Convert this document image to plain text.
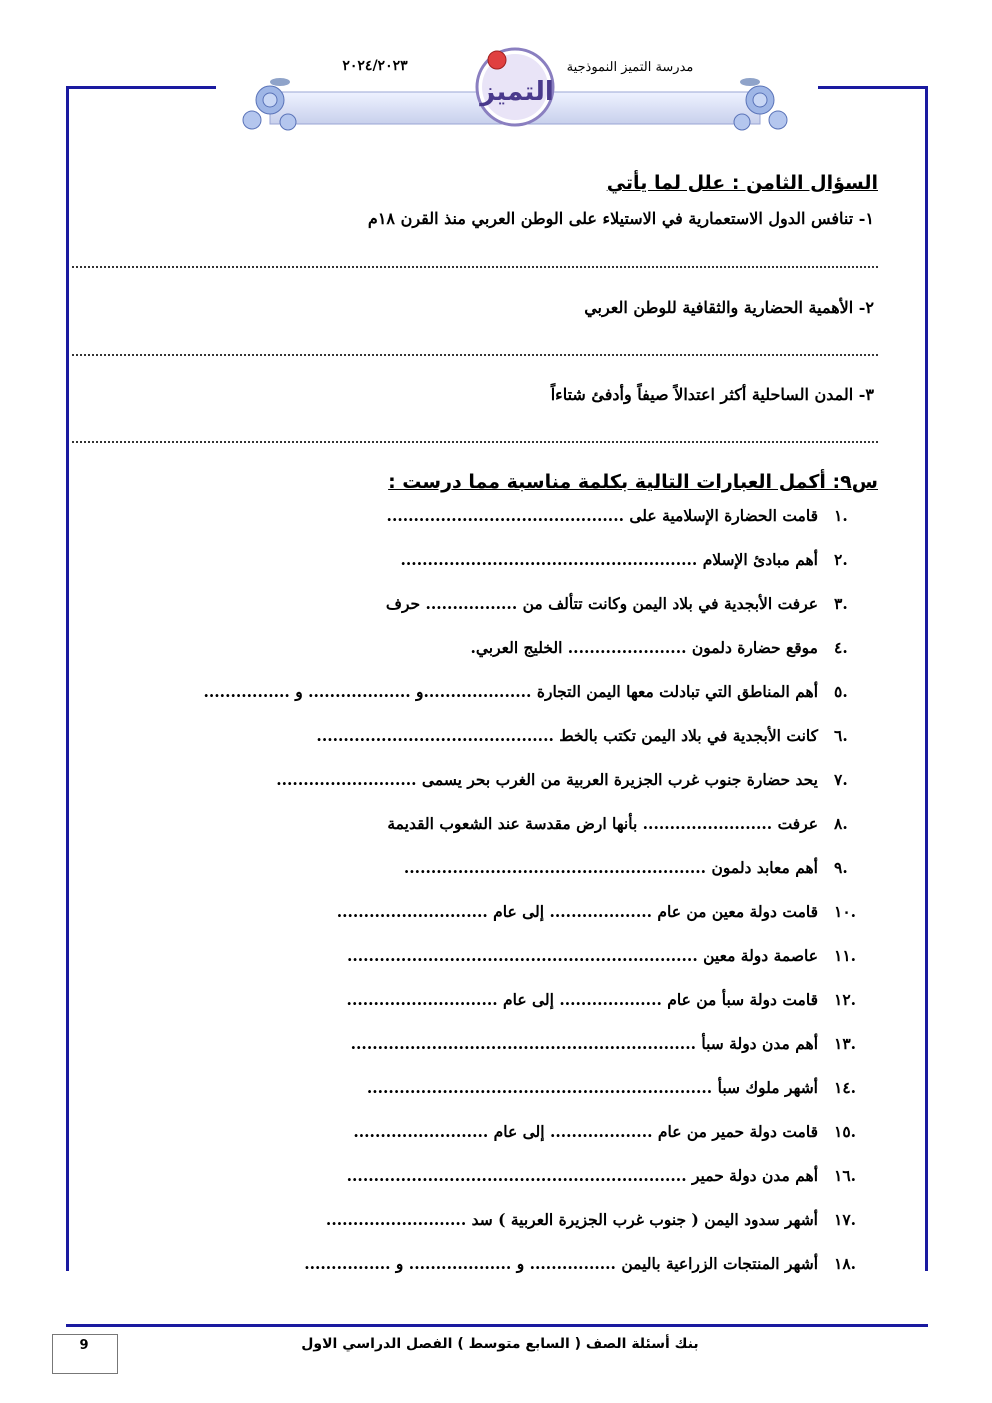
مدرسة التميز النموذجية
٢٠٢٤/٢٠٢٣
التميز
السؤال الثامن : علل لما يأتي
١- تنافس الدول الاستعمارية في الاستيلاء على الوطن العربي منذ القرن ١٨م
٢- الأهمية الحضارية والثقافية للوطن العربي
٣- المدن الساحلية أكثر اعتدالاً صيفاً وأدفئ شتاءاً
س٩: أكمل العبارات التالية بكلمة مناسبة مما درست :
١.قامت الحضارة الإسلامية على ............................................
٢.أهم مبادئ الإسلام .......................................................
٣.عرفت الأبجدية في بلاد اليمن وكانت تتألف من ................. حرف
٤.موقع حضارة دلمون ...................... الخليج العربي.
٥.أهم المناطق التي تبادلت معها اليمن التجارة ....................و ................... و ................
٦.كانت الأبجدية في بلاد اليمن تكتب بالخط ............................................
٧.يحد حضارة جنوب غرب الجزيرة العربية من الغرب بحر يسمى ..........................
٨.عرفت ........................ بأنها ارض مقدسة عند الشعوب القديمة
٩.أهم معابد دلمون ........................................................
١٠.قامت دولة معين من عام ................... إلى عام ............................
١١.عاصمة دولة معين .................................................................
١٢.قامت دولة سبأ من عام ................... إلى عام ............................
١٣.أهم مدن دولة سبأ ................................................................
١٤.أشهر ملوك سبأ ................................................................
١٥.قامت دولة حمير من عام ................... إلى عام .........................
١٦.أهم مدن دولة حمير ...............................................................
١٧.أشهر سدود اليمن ( جنوب غرب الجزيرة العربية ) سد ..........................
١٨.أشهر المنتجات الزراعية باليمن ................ و ................... و ................
بنك أسئلة الصف ( السابع متوسط ) الفصل الدراسي الاول
9
